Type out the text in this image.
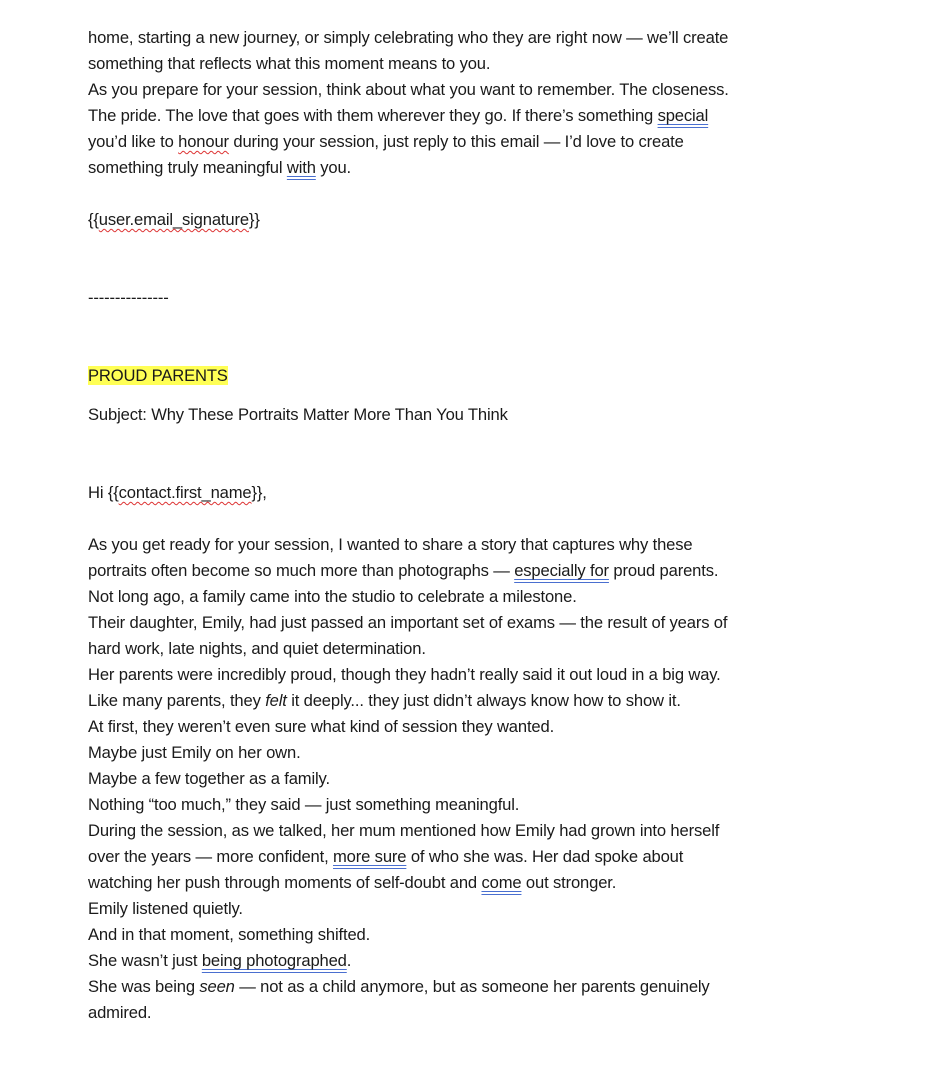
home, starting a new journey, or simply celebrating who they are right now — we’ll create
something that reflects what this moment means to you.
As you prepare for your session, think about what you want to remember. The closeness.
The pride. The love that goes with them wherever they go. If there’s something special
you’d like to honour during your session, just reply to this email — I’d love to create
something truly meaningful with you.
{{user.email_signature}}
---------------
PROUD PARENTS
Subject: Why These Portraits Matter More Than You Think
Hi {{contact.first_name}},
As you get ready for your session, I wanted to share a story that captures why these
portraits often become so much more than photographs — especially for proud parents.
Not long ago, a family came into the studio to celebrate a milestone.
Their daughter, Emily, had just passed an important set of exams — the result of years of
hard work, late nights, and quiet determination.
Her parents were incredibly proud, though they hadn’t really said it out loud in a big way.
Like many parents, they felt it deeply... they just didn’t always know how to show it.
At first, they weren’t even sure what kind of session they wanted.
Maybe just Emily on her own.
Maybe a few together as a family.
Nothing “too much,” they said — just something meaningful.
During the session, as we talked, her mum mentioned how Emily had grown into herself
over the years — more confident, more sure of who she was. Her dad spoke about
watching her push through moments of self-doubt and come out stronger.
Emily listened quietly.
And in that moment, something shifted.
She wasn’t just being photographed.
She was being seen — not as a child anymore, but as someone her parents genuinely
admired.
